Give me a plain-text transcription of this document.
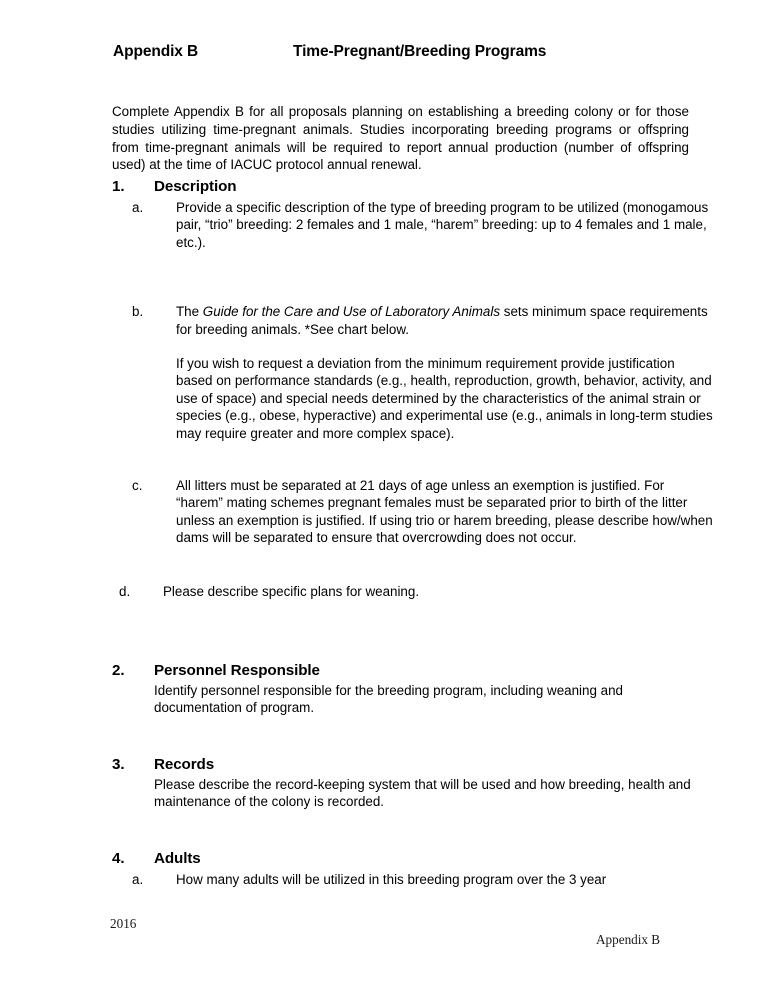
Appendix B	Time-Pregnant/Breeding Programs

Complete Appendix B for all proposals planning on establishing a breeding colony or for those studies utilizing time-pregnant animals. Studies incorporating breeding programs or offspring from time-pregnant animals will be required to report annual production (number of offspring used) at the time of IACUC protocol annual renewal.

1. Description
a. Provide a specific description of the type of breeding program to be utilized (monogamous pair, “trio” breeding: 2 females and 1 male, “harem” breeding: up to 4 females and 1 male, etc.).
b. The Guide for the Care and Use of Laboratory Animals sets minimum space requirements for breeding animals. *See chart below.
If you wish to request a deviation from the minimum requirement provide justification based on performance standards (e.g., health, reproduction, growth, behavior, activity, and use of space) and special needs determined by the characteristics of the animal strain or species (e.g., obese, hyperactive) and experimental use (e.g., animals in long-term studies may require greater and more complex space).
c.	All litters must be separated at 21 days of age unless an exemption is justified. For “harem” mating schemes pregnant females must be separated prior to birth of the litter unless an exemption is justified. If using trio or harem breeding, please describe how/when dams will be separated to ensure that overcrowding does not occur.
d. Please describe specific plans for weaning.
2. Personnel Responsible
Identify personnel responsible for the breeding program, including weaning and documentation of program.
3. Records
Please describe the record-keeping system that will be used and how breeding, health and maintenance of the colony is recorded.
4. Adults
a. How many adults will be utilized in this breeding program over the 3 year
2016
Appendix B
